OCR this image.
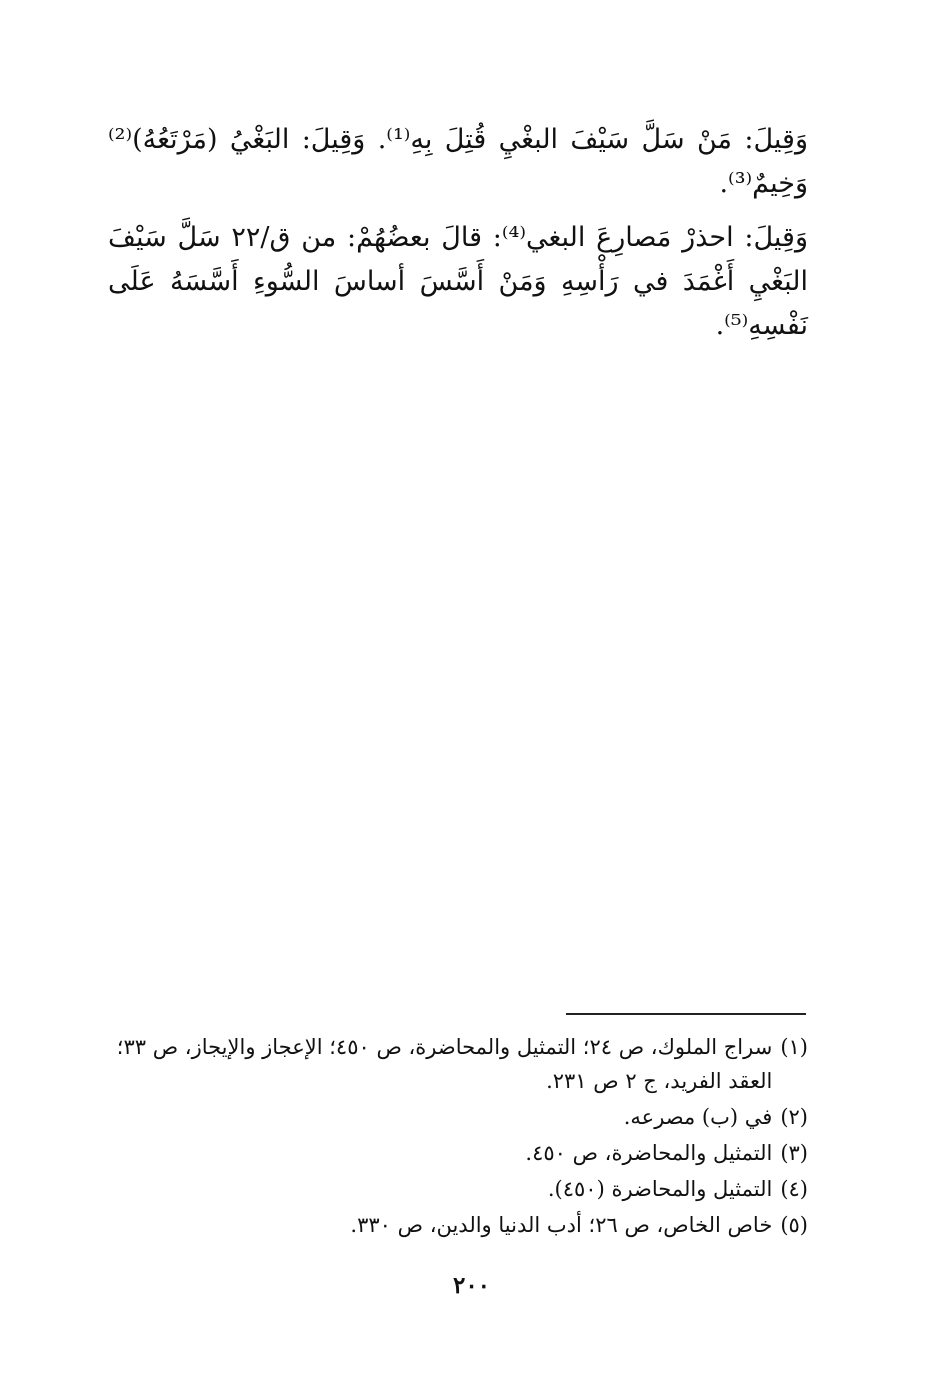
وَقِيلَ: مَنْ سَلَّ سَيْفَ البغْيِ قُتِلَ بِهِ⁽¹⁾. وَقِيلَ: البَغْيُ (مَرْتَعُهُ)⁽²⁾ وَخِيمٌ⁽³⁾.

وَقِيلَ: احذرْ مَصارِعَ البغي⁽⁴⁾: قالَ بعضُهُمْ: من ق/٢٢ سَلَّ سَيْفَ البَغْيِ أَغْمَدَ في رَأْسِهِ وَمَنْ أَسَّسَ أساسَ السُّوءِ أَسَّسَهُ عَلَى نَفْسِهِ⁽⁵⁾.

(١)
سراج الملوك، ص ٢٤؛ التمثيل والمحاضرة، ص ٤٥٠؛ الإعجاز والإيجاز، ص ٣٣؛ العقد الفريد، ج ٢ ص ٢٣١.
(٢)
في (ب) مصرعه.
(٣)
التمثيل والمحاضرة، ص ٤٥٠.
(٤)
التمثيل والمحاضرة (٤٥٠).
(٥)
خاص الخاص، ص ٢٦؛ أدب الدنيا والدين، ص ٣٣٠.
٢٠٠
